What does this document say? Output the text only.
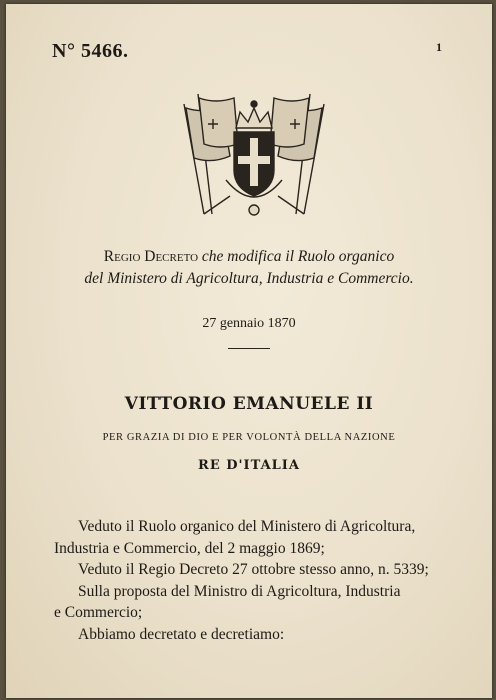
N° 5466.	1
Regio Decreto che modifica il Ruolo organico
del Ministero di Agricoltura, Industria e Commercio.
27 gennaio 1870
VITTORIO EMANUELE II
PER GRAZIA DI DIO E PER VOLONTÀ DELLA NAZIONE
RE D'ITALIA

Veduto il Ruolo organico del Ministero di Agricoltura,

Industria e Commercio, del 2 maggio 1869;

Veduto il Regio Decreto 27 ottobre stesso anno, n. 5339;

Sulla proposta del Ministro di Agricoltura, Industria

e Commercio;

Abbiamo decretato e decretiamo:
